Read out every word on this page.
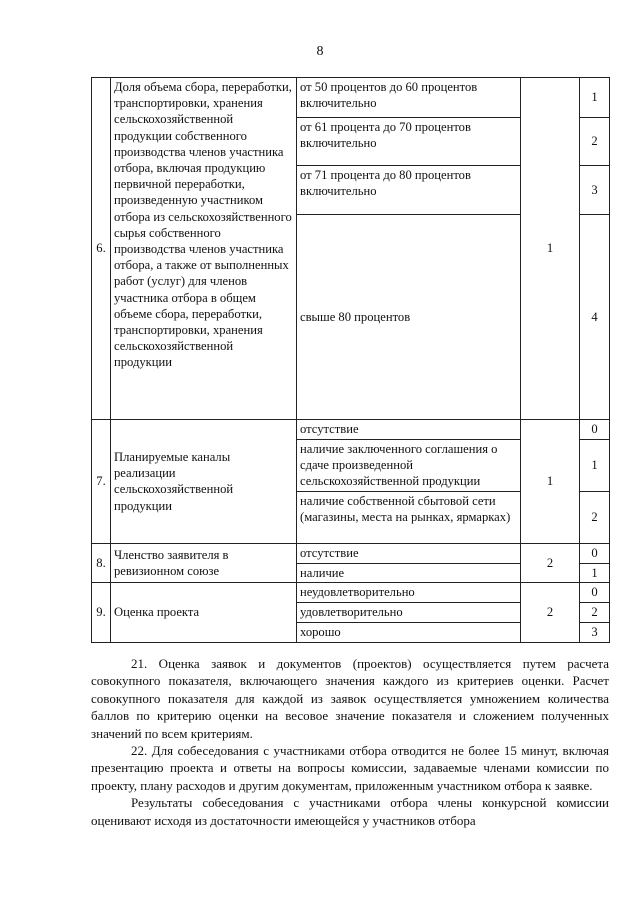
8
6.	Доля объема сбора, переработки, транспортировки, хранения сельскохозяйственной продукции собственного производства членов участника отбора, включая продукцию первичной переработки, произведенную участником отбора из сельскохозяйственного сырья собственного производства членов участника отбора, а также от выполненных работ (услуг) для членов участника отбора в общем объеме сбора, переработки, транспортировки, хранения сельскохозяйственной продукции	от 50 процентов до 60 процентов включительно	1	1
		от 61 процента до 70 процентов включительно		2
		от 71 процента до 80 процентов включительно		3
		свыше 80 процентов		4
7.	Планируемые каналы реализации сельскохозяйственной продукции	отсутствие	1	0
		наличие заключенного соглашения о сдаче произведенной сельскохозяйственной продукции		1
		наличие собственной сбытовой сети (магазины, места на рынках, ярмарках)		2
8.	Членство заявителя в ревизионном союзе	отсутствие	2	0
		наличие		1
9.	Оценка проекта	неудовлетворительно	2	0
		удовлетворительно		2
		хорошо		3

21. Оценка заявок и документов (проектов) осуществляется путем расчета совокупного показателя, включающего значения каждого из критериев оценки. Расчет совокупного показателя для каждой из заявок осуществляется умножением количества баллов по критерию оценки на весовое значение показателя и сложением полученных значений по всем критериям.

22. Для собеседования с участниками отбора отводится не более 15 минут, включая презентацию проекта и ответы на вопросы комиссии, задаваемые членами комиссии по проекту, плану расходов и другим документам, приложенным участником отбора к заявке.

Результаты собеседования с участниками отбора члены конкурсной комиссии оценивают исходя из достаточности имеющейся у участников отбора
